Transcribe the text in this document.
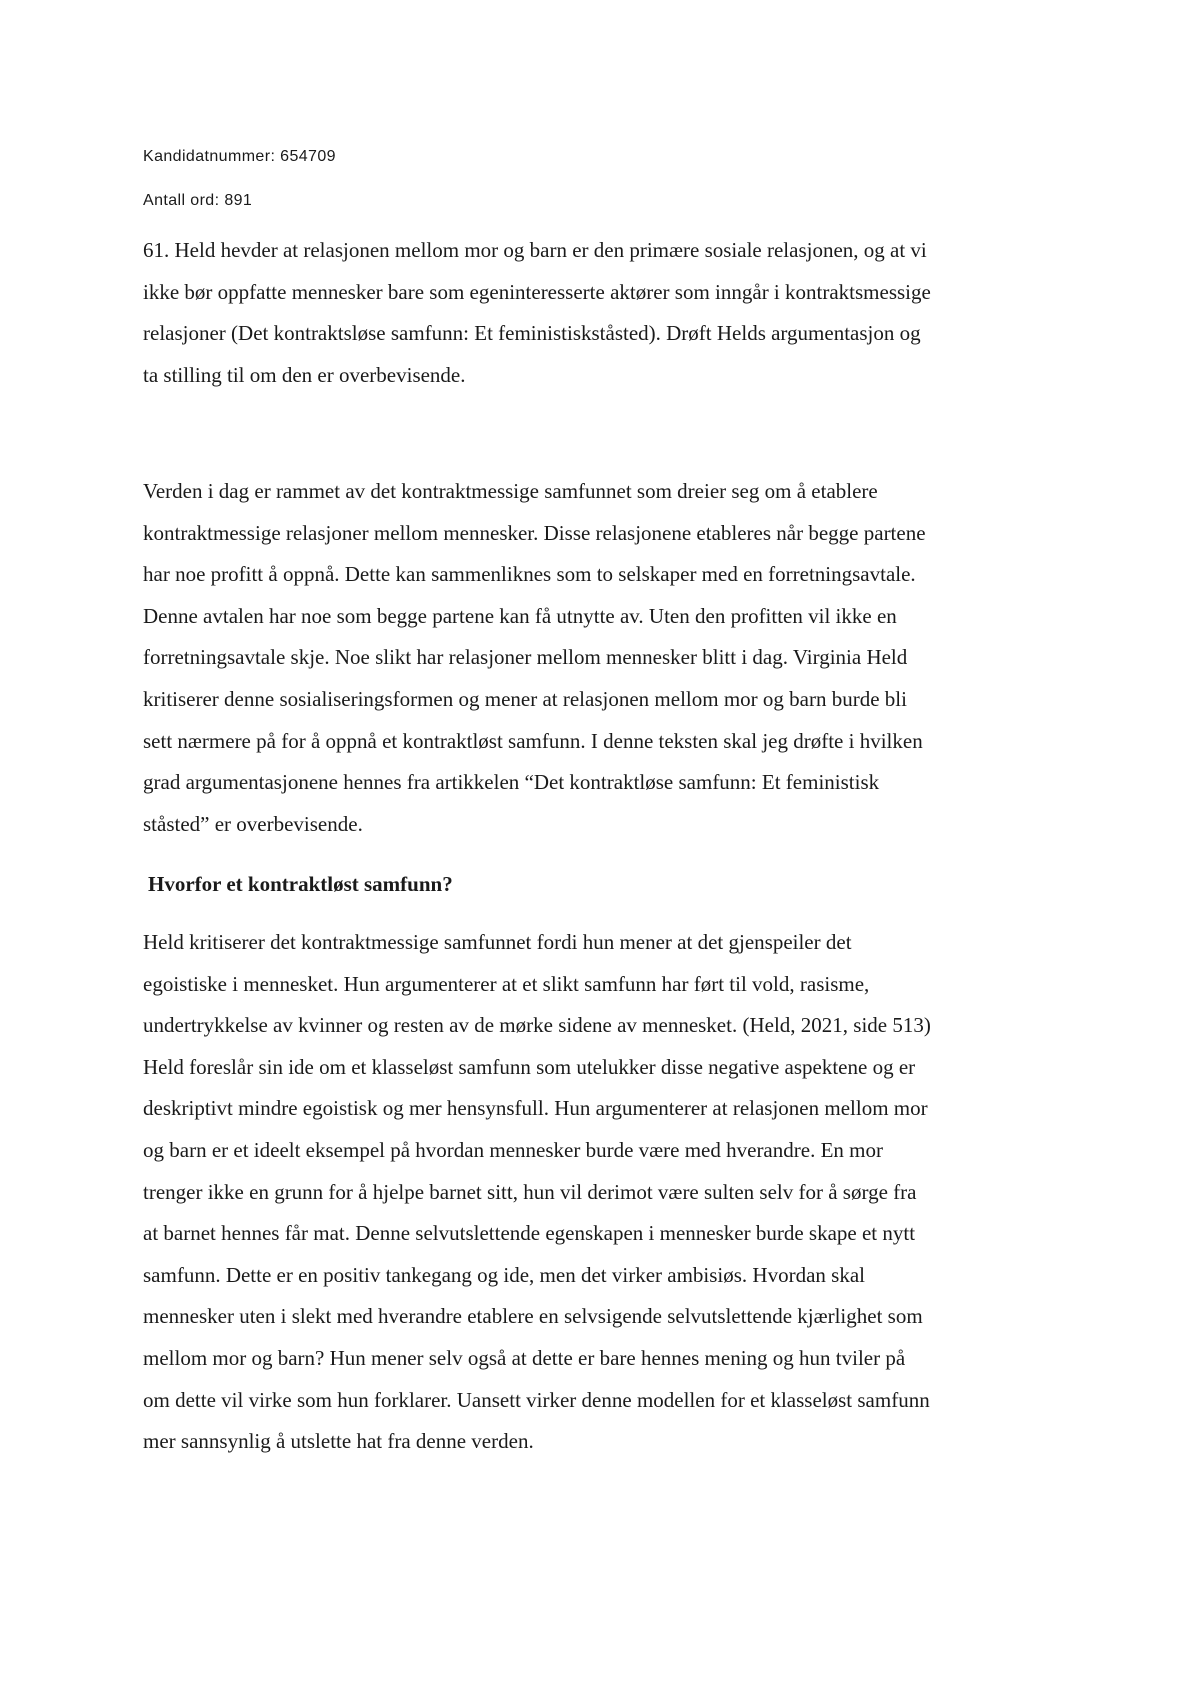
Kandidatnummer: 654709
Antall ord: 891

61. Held hevder at relasjonen mellom mor og barn er den primære sosiale relasjonen, og at vi
ikke bør oppfatte mennesker bare som egeninteresserte aktører som inngår i kontraktsmessige
relasjoner (Det kontraktsløse samfunn: Et feministiskståsted). Drøft Helds argumentasjon og
ta stilling til om den er overbevisende.

Verden i dag er rammet av det kontraktmessige samfunnet som dreier seg om å etablere
kontraktmessige relasjoner mellom mennesker. Disse relasjonene etableres når begge partene
har noe profitt å oppnå. Dette kan sammenliknes som to selskaper med en forretningsavtale.
Denne avtalen har noe som begge partene kan få utnytte av. Uten den profitten vil ikke en
forretningsavtale skje. Noe slikt har relasjoner mellom mennesker blitt i dag. Virginia Held
kritiserer denne sosialiseringsformen og mener at relasjonen mellom mor og barn burde bli
sett nærmere på for å oppnå et kontraktløst samfunn. I denne teksten skal jeg drøfte i hvilken
grad argumentasjonene hennes fra artikkelen “Det kontraktløse samfunn: Et feministisk
ståsted” er overbevisende.

Hvorfor et kontraktløst samfunn?

Held kritiserer det kontraktmessige samfunnet fordi hun mener at det gjenspeiler det
egoistiske i mennesket. Hun argumenterer at et slikt samfunn har ført til vold, rasisme,
undertrykkelse av kvinner og resten av de mørke sidene av mennesket. (Held, 2021, side 513)
Held foreslår sin ide om et klasseløst samfunn som utelukker disse negative aspektene og er
deskriptivt mindre egoistisk og mer hensynsfull. Hun argumenterer at relasjonen mellom mor
og barn er et ideelt eksempel på hvordan mennesker burde være med hverandre. En mor
trenger ikke en grunn for å hjelpe barnet sitt, hun vil derimot være sulten selv for å sørge fra
at barnet hennes får mat. Denne selvutslettende egenskapen i mennesker burde skape et nytt
samfunn. Dette er en positiv tankegang og ide, men det virker ambisiøs. Hvordan skal
mennesker uten i slekt med hverandre etablere en selvsigende selvutslettende kjærlighet som
mellom mor og barn? Hun mener selv også at dette er bare hennes mening og hun tviler på
om dette vil virke som hun forklarer. Uansett virker denne modellen for et klasseløst samfunn
mer sannsynlig å utslette hat fra denne verden.
